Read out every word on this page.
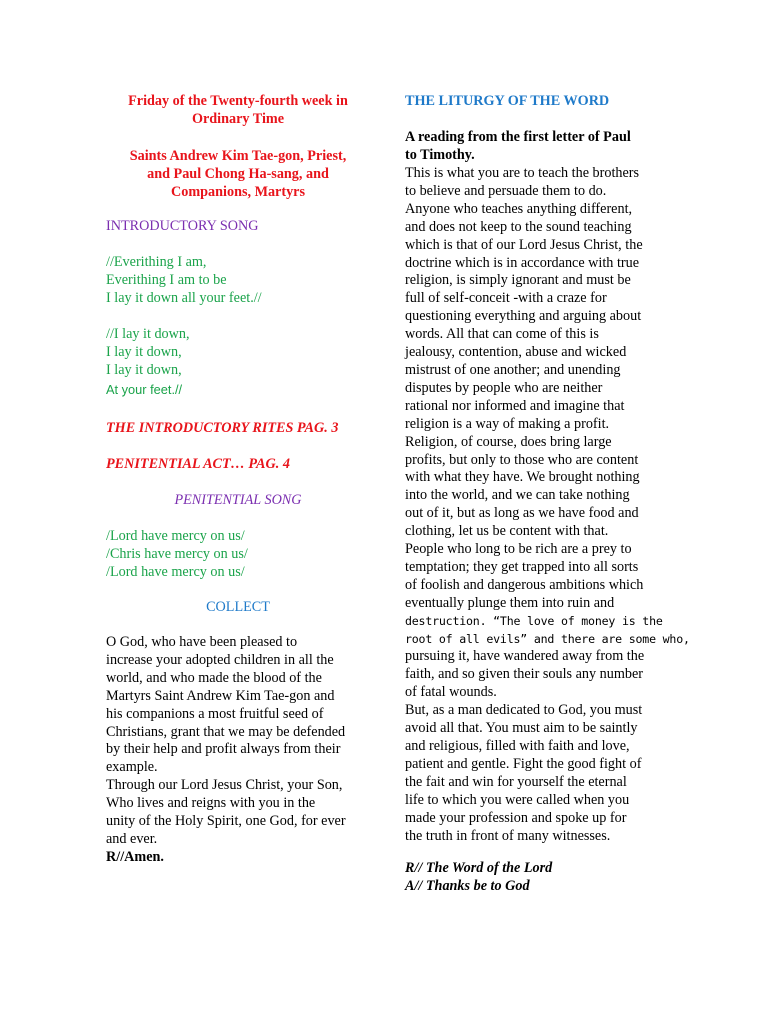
Friday of the Twenty-fourth week in
Ordinary Time
Saints Andrew Kim Tae-gon, Priest,
and Paul Chong Ha-sang, and
Companions, Martyrs
INTRODUCTORY SONG
//Everithing I am,
Everithing I am to be
I lay it down all your feet.//
//I lay it down,
I lay it down,
I lay it down,
At your feet.//
THE INTRODUCTORY RITES PAG. 3
PENITENTIAL ACT… PAG. 4
PENITENTIAL SONG
/Lord have mercy on us/
/Chris have mercy on us/
/Lord have mercy on us/
COLLECT
O God, who have been pleased to
increase your adopted children in all the
world, and who made the blood of the
Martyrs Saint Andrew Kim Tae-gon and
his companions a most fruitful seed of
Christians, grant that we may be defended
by their help and profit always from their
example.
Through our Lord Jesus Christ, your Son,
Who lives and reigns with you in the
unity of the Holy Spirit, one God, for ever
and ever.
R//Amen.
THE LITURGY OF THE WORD
A reading from the first letter of Paul
to Timothy.
This is what you are to teach the brothers
to believe and persuade them to do.
Anyone who teaches anything different,
and does not keep to the sound teaching
which is that of our Lord Jesus Christ, the
doctrine which is in accordance with true
religion, is simply ignorant and must be
full of self-conceit -with a craze for
questioning everything and arguing about
words. All that can come of this is
jealousy, contention, abuse and wicked
mistrust of one another; and unending
disputes by people who are neither
rational nor informed and imagine that
religion is a way of making a profit.
Religion, of course, does bring large
profits, but only to those who are content
with what they have. We brought nothing
into the world, and we can take nothing
out of it, but as long as we have food and
clothing, let us be content with that.
People who long to be rich are a prey to
temptation; they get trapped into all sorts
of foolish and dangerous ambitions which
eventually plunge them into ruin and
destruction. “The love of money is the
root of all evils” and there are some who,
pursuing it, have wandered away from the
faith, and so given their souls any number
of fatal wounds.
But, as a man dedicated to God, you must
avoid all that. You must aim to be saintly
and religious, filled with faith and love,
patient and gentle. Fight the good fight of
the fait and win for yourself the eternal
life to which you were called when you
made your profession and spoke up for
the truth in front of many witnesses.
R// The Word of the Lord
A// Thanks be to God
